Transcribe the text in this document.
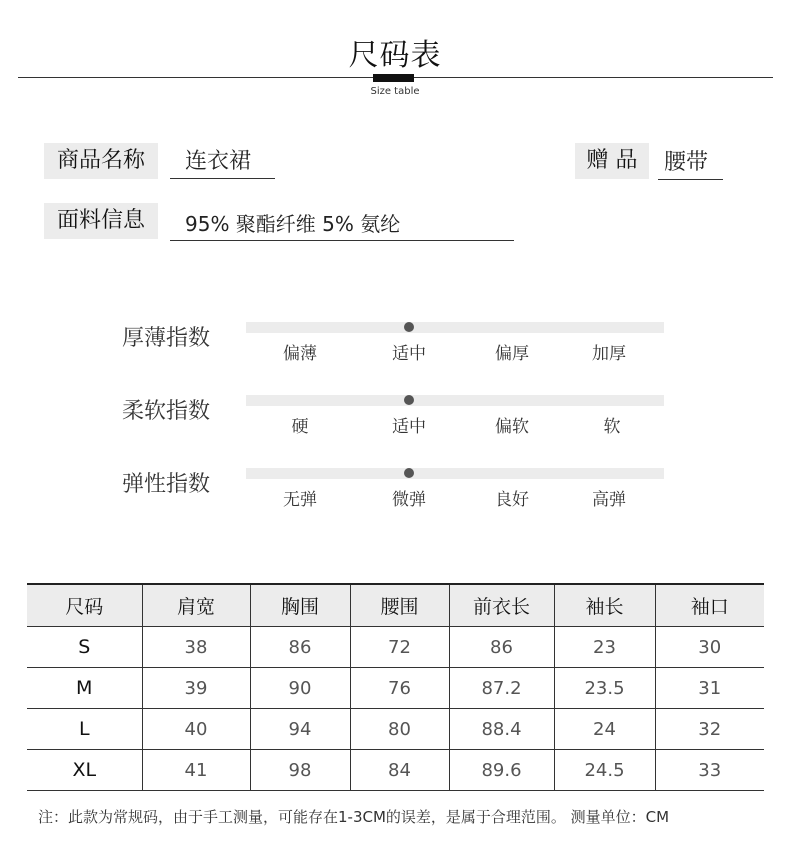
尺码表
Size table
商品名称	连衣裙	赠 品	腰带
面料信息	95% 聚酯纤维 5% 氨纶
厚薄指数
偏薄	适中	偏厚	加厚
柔软指数
硬	适中	偏软	软
弹性指数
无弹	微弹	良好	高弹
尺码	肩宽	胸围	腰围	前衣长	袖长	袖口
S	38	86	72	86	23	30
M	39	90	76	87.2	23.5	31
L	40	94	80	88.4	24	32
XL	41	98	84	89.6	24.5	33
注：此款为常规码，由于手工测量，可能存在1-3CM的误差，是属于合理范围。 测量单位：CM
